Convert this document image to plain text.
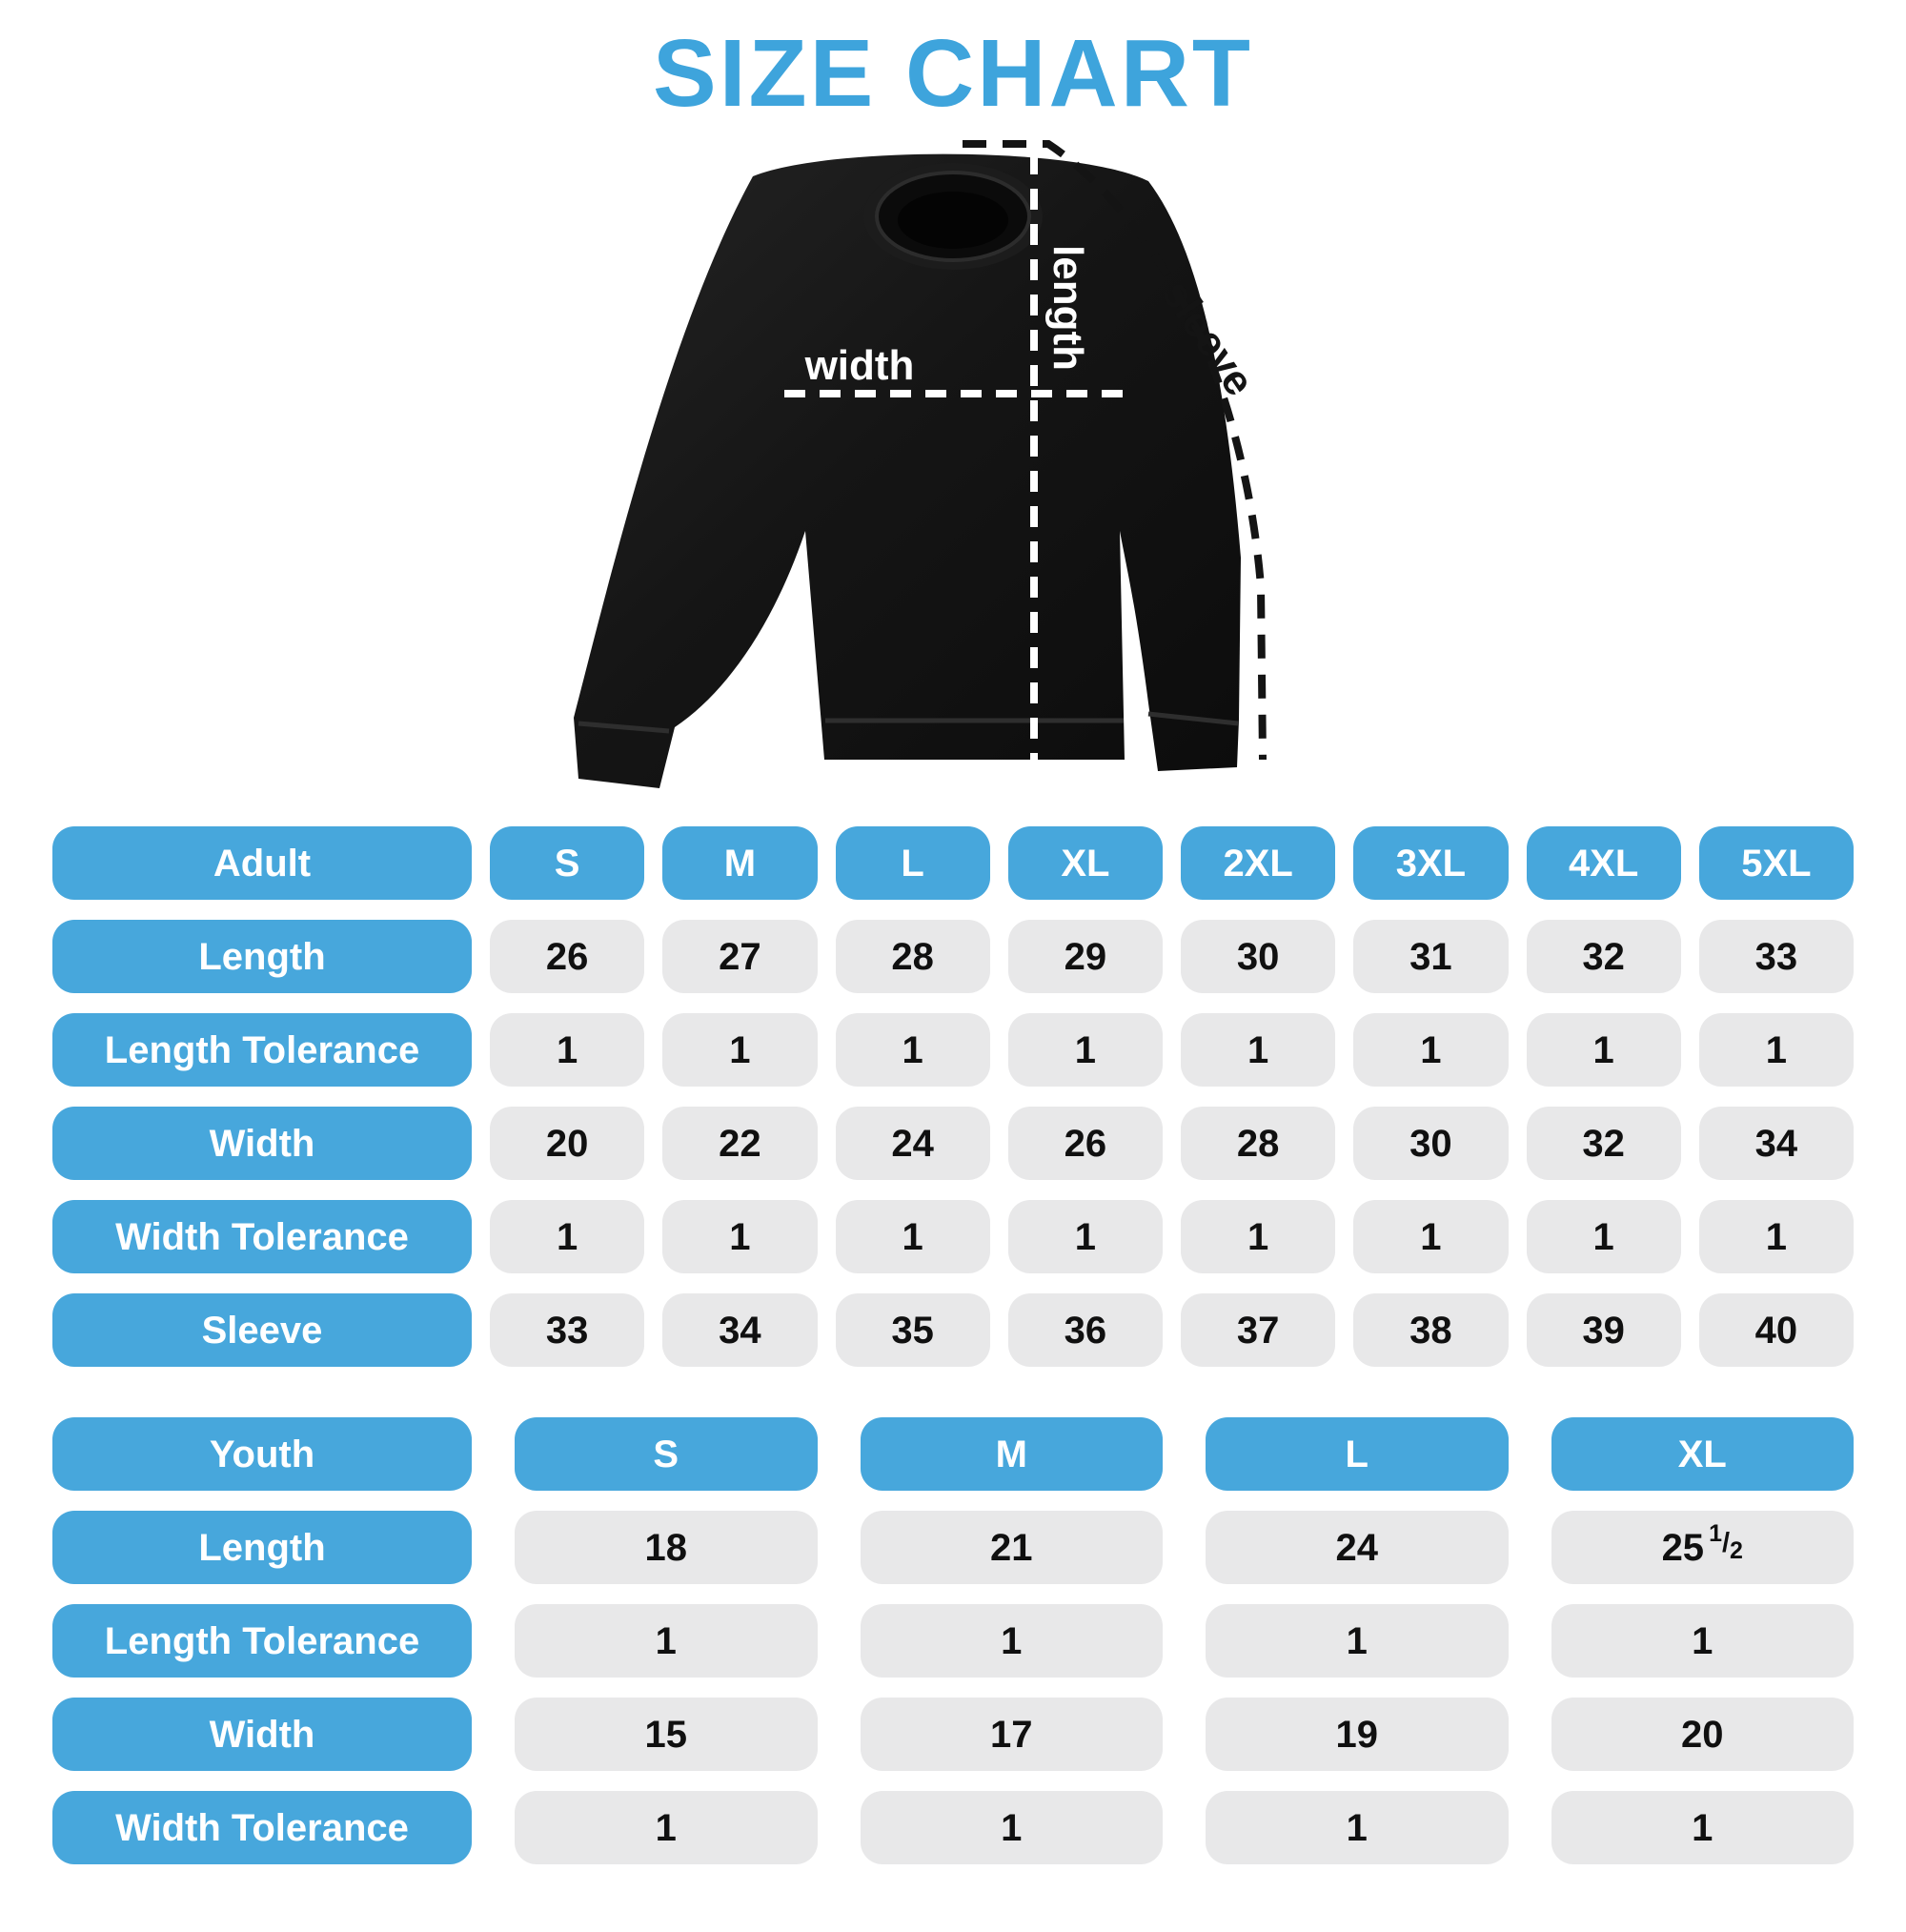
SIZE CHART
width	length sleeve
Adult	S	M	L	XL	2XL	3XL	4XL	5XL
Length	26	27	28	29	30	31	32	33
Length Tolerance	1	1	1	1	1	1	1	1
Width	20	22	24	26	28	30	32	34
Width Tolerance	1	1	1	1	1	1	1	1
Sleeve	33	34	35	36	37	38	39	40
Youth	S	M	L	XL
Length	18	21	24	25 1 / 2
Length Tolerance	1	1	1	1
Width	15	17	19	20
Width Tolerance	1	1	1	1
